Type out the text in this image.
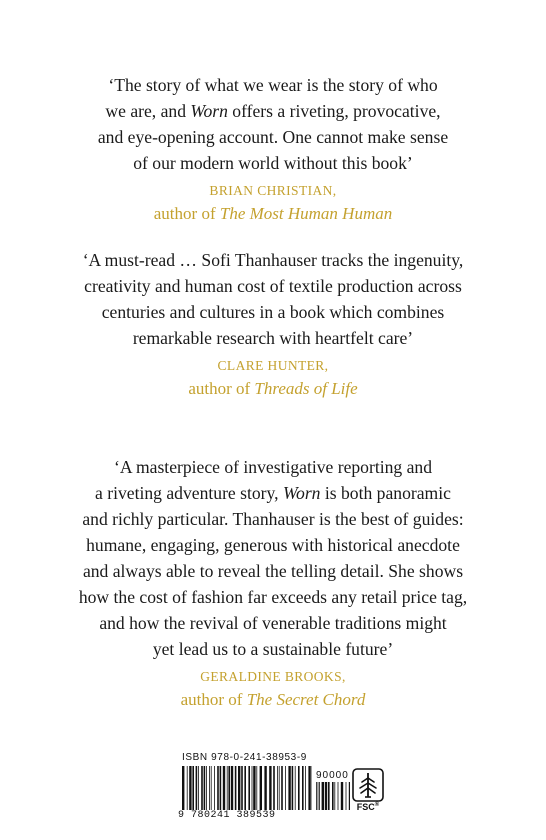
‘The story of what we wear is the story of who
we are, and Worn offers a riveting, provocative,
and eye-opening account. One cannot make sense
of our modern world without this book’
BRIAN CHRISTIAN,
author of The Most Human Human
‘A must-read … Sofi Thanhauser tracks the ingenuity,
creativity and human cost of textile production across
centuries and cultures in a book which combines
remarkable research with heartfelt care’
CLARE HUNTER,
author of Threads of Life
‘A masterpiece of investigative reporting and
a riveting adventure story, Worn is both panoramic
and richly particular. Thanhauser is the best of guides:
humane, engaging, generous with historical anecdote
and always able to reveal the telling detail. She shows
how the cost of fashion far exceeds any retail price tag,
and how the revival of venerable traditions might
yet lead us to a sustainable future’
GERALDINE BROOKS,
author of The Secret Chord
ISBN 978-0-241-38953-9
90000
9 780241 389539
FSC®
